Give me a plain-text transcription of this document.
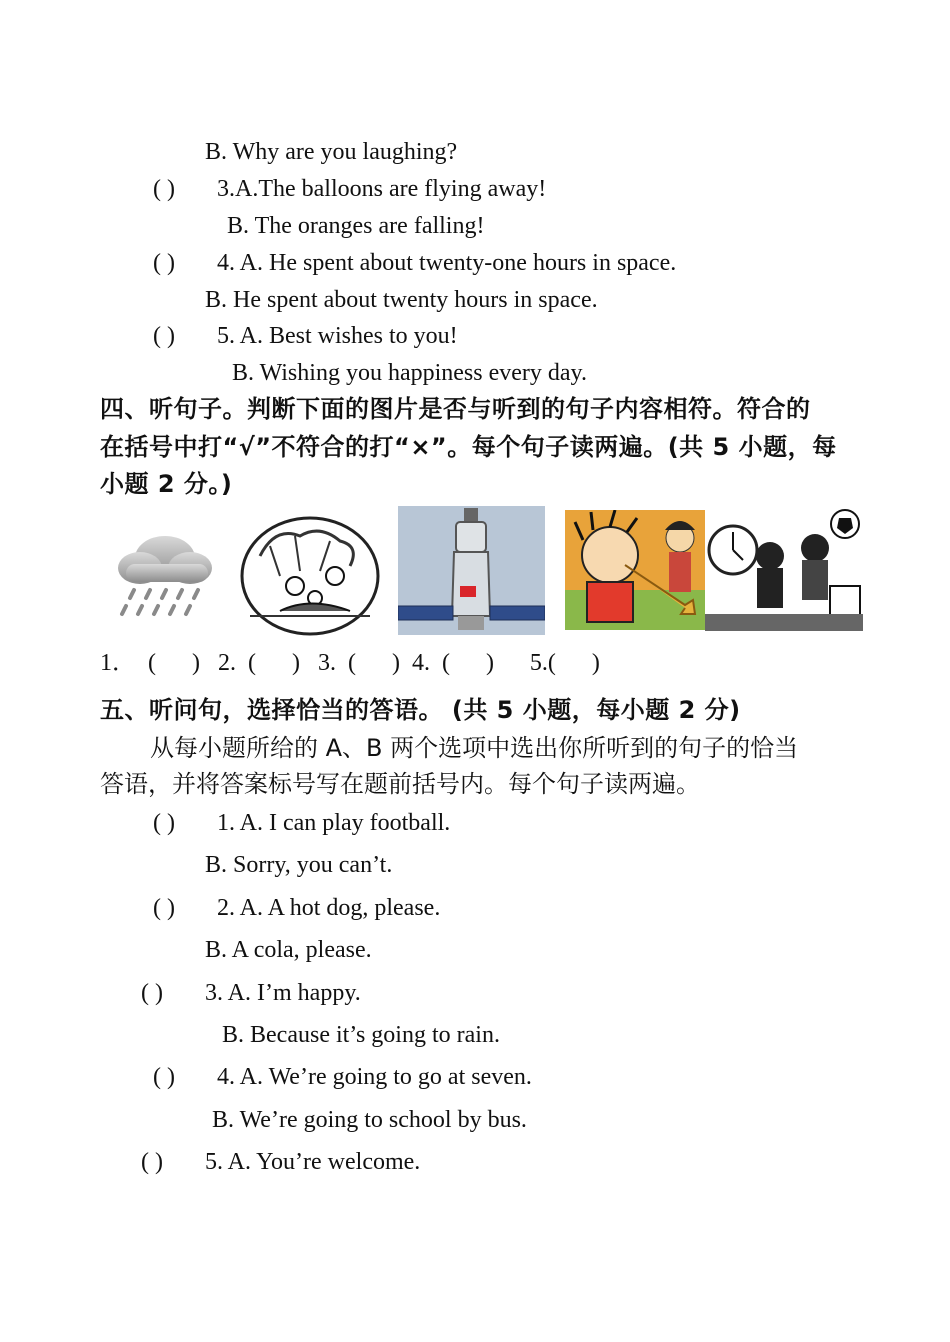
B. Why are you laughing?
( ) 3.A.The balloons are flying away!
B. The oranges are falling!
( ) 4. A. He spent about twenty-one hours in space.
B. He spent about twenty hours in space.
( ) 5. A. Best wishes to you!
B. Wishing you happiness every day.
四、听句子。判断下面的图片是否与听到的句子内容相符。符合的
在括号中打“√”不符合的打“×”。每个句子读两遍。(共 5 小题，每
小题 2 分。)
1．  (      )   2.  (      )   3.  (      )  4.  (      )      5.(      )
五、听问句，选择恰当的答语。 (共 5 小题，每小题 2 分)
从每小题所给的 A、B 两个选项中选出你所听到的句子的恰当
答语，并将答案标号写在题前括号内。每个句子读两遍。
( ) 1. A. I can play football.
B. Sorry, you can’t.
( ) 2. A. A hot dog, please.
B. A cola, please.
( ) 3. A. I’m happy.
B. Because it’s going to rain.
( ) 4. A. We’re going to go at seven.
B. We’re going to school by bus.
( ) 5. A. You’re welcome.
